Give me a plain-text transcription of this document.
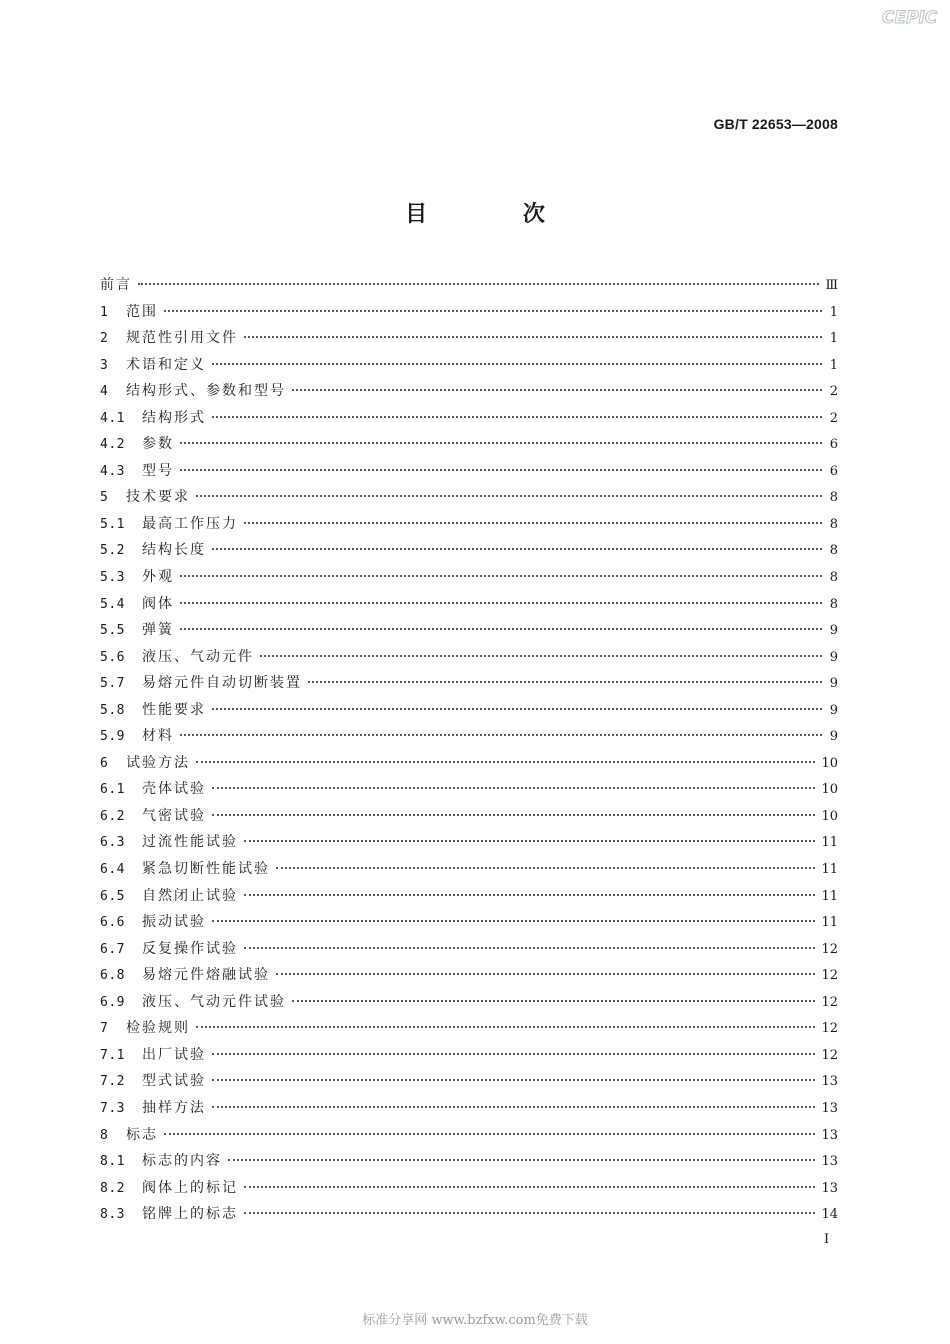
CEPIC
GB/T 22653—2008
目 次
前言	Ⅲ
1	范围	1
2	规范性引用文件	1
3	术语和定义	1
4	结构形式、参数和型号	2
4.1	结构形式	2
4.2	参数	6
4.3	型号	6
5	技术要求	8
5.1	最高工作压力	8
5.2	结构长度	8
5.3	外观	8
5.4	阀体	8
5.5	弹簧	9
5.6	液压、气动元件	9
5.7	易熔元件自动切断装置	9
5.8	性能要求	9
5.9	材料	9
6	试验方法	10
6.1	壳体试验	10
6.2	气密试验	10
6.3	过流性能试验	11
6.4	紧急切断性能试验	11
6.5	自然闭止试验	11
6.6	振动试验	11
6.7	反复操作试验	12
6.8	易熔元件熔融试验	12
6.9	液压、气动元件试验	12
7	检验规则	12
7.1	出厂试验	12
7.2	型式试验	13
7.3	抽样方法	13
8	标志	13
8.1	标志的内容	13
8.2	阀体上的标记	13
8.3	铭牌上的标志	14
I
标准分享网 www.bzfxw.com免费下载
